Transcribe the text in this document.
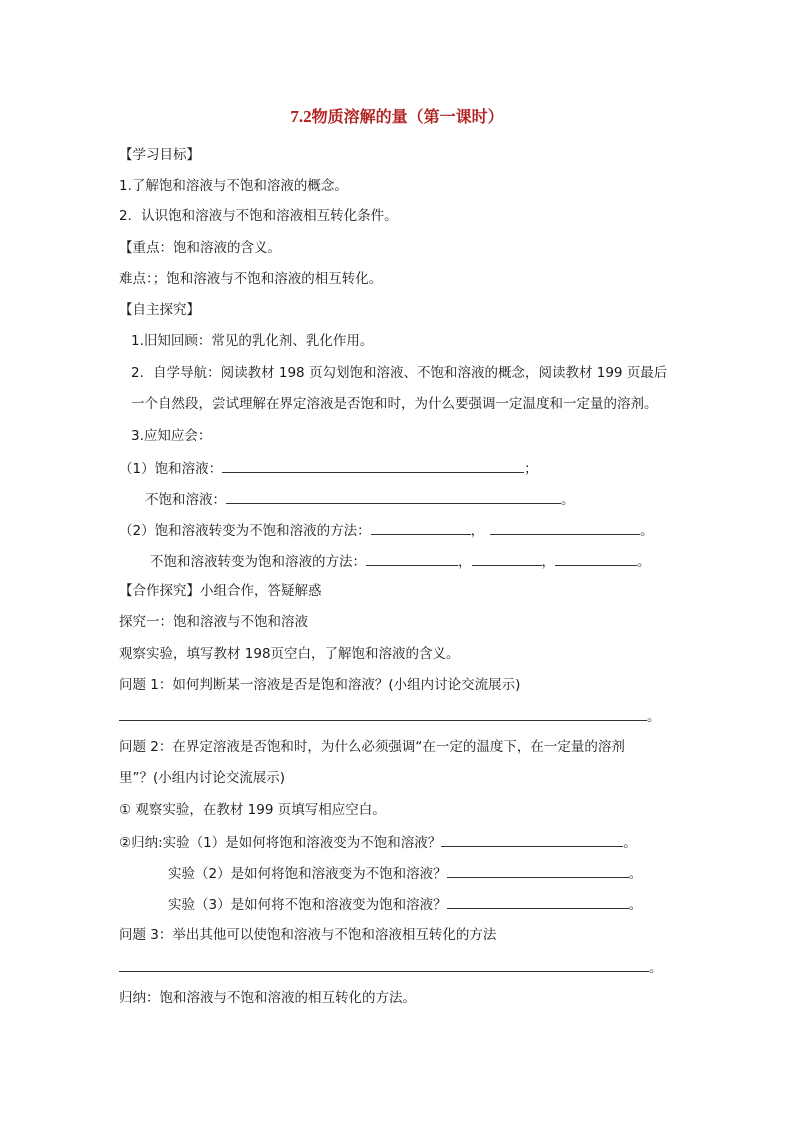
7.2物质溶解的量（第一课时）
【学习目标】
1.了解饱和溶液与不饱和溶液的概念。
2．认识饱和溶液与不饱和溶液相互转化条件。
【重点：饱和溶液的含义。
难点：；饱和溶液与不饱和溶液的相互转化。
【自主探究】
1.旧知回顾：常见的乳化剂、乳化作用。
2．自学导航：阅读教材 198 页勾划饱和溶液、不饱和溶液的概念，阅读教材 199 页最后
一个自然段，尝试理解在界定溶液是否饱和时，为什么要强调一定温度和一定量的溶剂。
3.应知应会：
（1）饱和溶液：	；
不饱和溶液：	。
（2）饱和溶液转变为不饱和溶液的方法：	，	。
不饱和溶液转变为饱和溶液的方法：	，	，	。
【合作探究】小组合作，答疑解惑
探究一：饱和溶液与不饱和溶液
观察实验，填写教材 198页空白，了解饱和溶液的含义。
问题 1：如何判断某一溶液是否是饱和溶液？(小组内讨论交流展示)
。
问题 2：在界定溶液是否饱和时，为什么必须强调“在一定的温度下，在一定量的溶剂
里”？(小组内讨论交流展示)
① 观察实验，在教材 199 页填写相应空白。
②归纳:实验（1）是如何将饱和溶液变为不饱和溶液？	。
实验（2）是如何将饱和溶液变为不饱和溶液？	。
实验（3）是如何将不饱和溶液变为饱和溶液？	。
问题 3：举出其他可以使饱和溶液与不饱和溶液相互转化的方法
。
归纳：饱和溶液与不饱和溶液的相互转化的方法。
